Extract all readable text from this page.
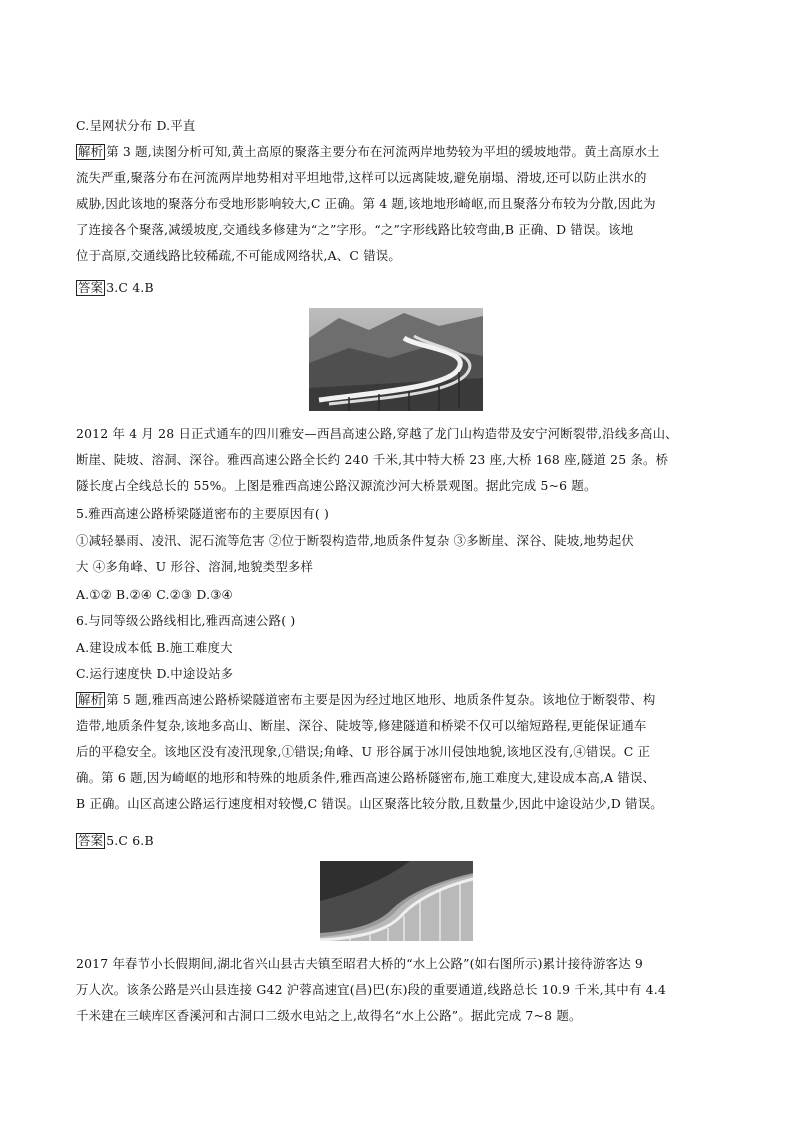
C.呈网状分布 D.平直
解析 第 3 题,读图分析可知,黄土高原的聚落主要分布在河流两岸地势较为平坦的缓坡地带。黄土高原水土
流失严重,聚落分布在河流两岸地势相对平坦地带,这样可以远离陡坡,避免崩塌、滑坡,还可以防止洪水的
威胁,因此该地的聚落分布受地形影响较大,C 正确。第 4 题,该地地形崎岖,而且聚落分布较为分散,因此为
了连接各个聚落,减缓坡度,交通线多修建为“之”字形。“之”字形线路比较弯曲,B 正确、D 错误。该地
位于高原,交通线路比较稀疏,不可能成网络状,A、C 错误。
答案 3.C 4.B
2012 年 4 月 28 日正式通车的四川雅安—西昌高速公路,穿越了龙门山构造带及安宁河断裂带,沿线多高山、
断崖、陡坡、溶洞、深谷。雅西高速公路全长约 240 千米,其中特大桥 23 座,大桥 168 座,隧道 25 条。桥
隧长度占全线总长的 55%。上图是雅西高速公路汉源流沙河大桥景观图。据此完成 5~6 题。
5.雅西高速公路桥梁隧道密布的主要原因有( )
①减轻暴雨、凌汛、泥石流等危害 ②位于断裂构造带,地质条件复杂 ③多断崖、深谷、陡坡,地势起伏
大 ④多角峰、U 形谷、溶洞,地貌类型多样
A.①② B.②④ C.②③ D.③④
6.与同等级公路线相比,雅西高速公路( )
A.建设成本低 B.施工难度大
C.运行速度快 D.中途设站多
解析 第 5 题,雅西高速公路桥梁隧道密布主要是因为经过地区地形、地质条件复杂。该地位于断裂带、构
造带,地质条件复杂,该地多高山、断崖、深谷、陡坡等,修建隧道和桥梁不仅可以缩短路程,更能保证通车
后的平稳安全。该地区没有凌汛现象,①错误;角峰、U 形谷属于冰川侵蚀地貌,该地区没有,④错误。C 正
确。第 6 题,因为崎岖的地形和特殊的地质条件,雅西高速公路桥隧密布,施工难度大,建设成本高,A 错误、
B 正确。山区高速公路运行速度相对较慢,C 错误。山区聚落比较分散,且数量少,因此中途设站少,D 错误。
答案 5.C 6.B
2017 年春节小长假期间,湖北省兴山县古夫镇至昭君大桥的“水上公路”(如右图所示)累计接待游客达 9
万人次。该条公路是兴山县连接 G42 沪蓉高速宜(昌)巴(东)段的重要通道,线路总长 10.9 千米,其中有 4.4
千米建在三峡库区香溪河和古洞口二级水电站之上,故得名“水上公路”。据此完成 7~8 题。
